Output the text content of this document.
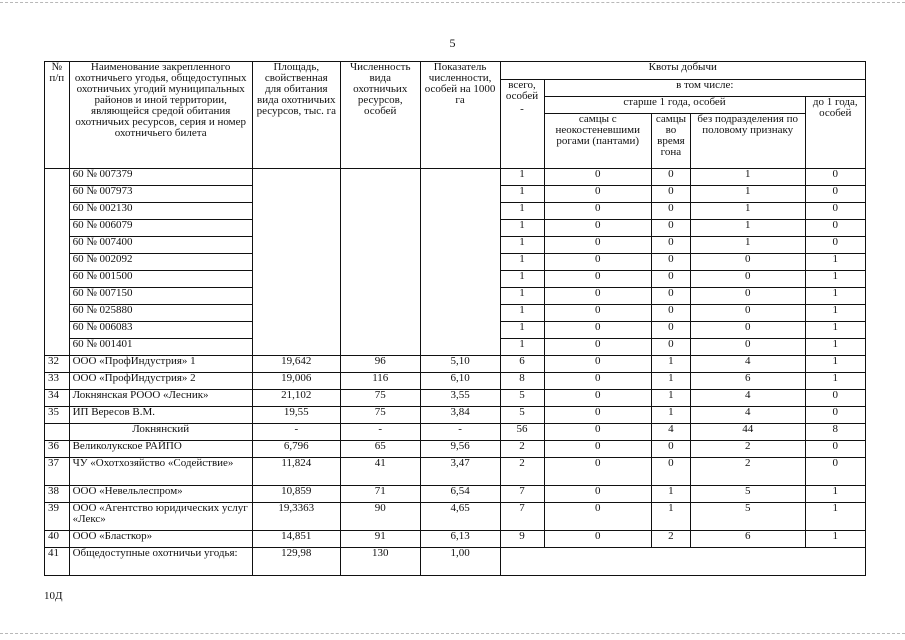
5
№ п/п	Наименование закрепленного охотничьего угодья, общедоступных охотничьих угодий муниципальных районов и иной территории, являющейся средой обитания охотничьих ресурсов, серия и номер охотничьего билета	Площадь, свойственная для обитания вида охотничьих ресурсов, тыс. га	Численность вида охотничьих ресурсов, особей	Показатель численности, особей на 1000 га	Квоты добычи				
					всего, особей
-	в том числе:			
						старше 1 года, особей			до 1 года, особей
						самцы с неокостеневшими рогами (пантами)	самцы во время гона	без подразделения по половому признаку	
	60 № 007379				1	0	0	1	0
	60 № 007973				1	0	0	1	0
	60 № 002130				1	0	0	1	0
	60 № 006079				1	0	0	1	0
	60 № 007400				1	0	0	1	0
	60 № 002092				1	0	0	0	1
	60 № 001500				1	0	0	0	1
	60 № 007150				1	0	0	0	1
	60 № 025880				1	0	0	0	1
	60 № 006083				1	0	0	0	1
	60 № 001401				1	0	0	0	1
32	ООО «ПрофИндустрия» 1	19,642	96	5,10	6	0	1	4	1
33	ООО «ПрофИндустрия» 2	19,006	116	6,10	8	0	1	6	1
34	Локнянская РООО «Лесник»	21,102	75	3,55	5	0	1	4	0
35	ИП Вересов В.М.	19,55	75	3,84	5	0	1	4	0
	Локнянский	-	-	-	56	0	4	44	8
36	Великолукское РАЙПО	6,796	65	9,56	2	0	0	2	0
37	ЧУ «Охотхозяйство «Содействие»	11,824	41	3,47	2	0	0	2	0
38	ООО «Невельлеспром»	10,859	71	6,54	7	0	1	5	1
39	ООО «Агентство юридических услуг «Лекс»	19,3363	90	4,65	7	0	1	5	1
40	ООО «Бласткор»	14,851	91	6,13	9	0	2	6	1
41	Общедоступные охотничьи угодья:	129,98	130	1,00					
10Д
